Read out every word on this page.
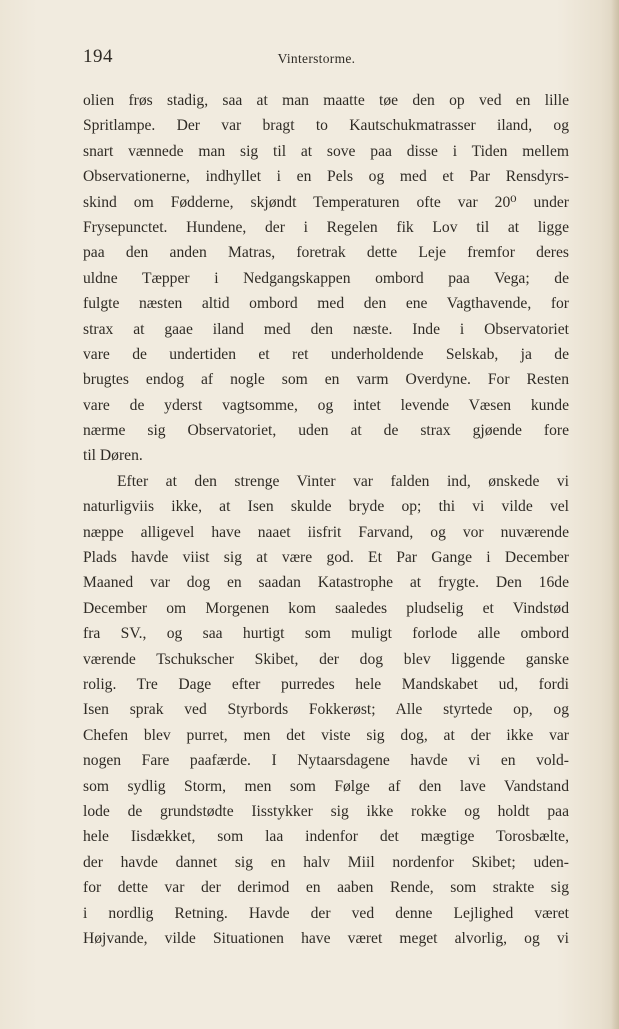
194	Vinterstorme.
olien frøs stadig, saa at man maatte tøe den op ved en lille
Spritlampe. Der var bragt to Kautschukmatrasser iland, og
snart vænnede man sig til at sove paa disse i Tiden mellem
Observationerne, indhyllet i en Pels og med et Par Rensdyrs-
skind om Fødderne, skjøndt Temperaturen ofte var 20⁰ under
Frysepunctet. Hundene, der i Regelen fik Lov til at ligge
paa den anden Matras, foretrak dette Leje fremfor deres
uldne Tæpper i Nedgangskappen ombord paa Vega; de
fulgte næsten altid ombord med den ene Vagthavende, for
strax at gaae iland med den næste. Inde i Observatoriet
vare de undertiden et ret underholdende Selskab, ja de
brugtes endog af nogle som en varm Overdyne. For Resten
vare de yderst vagtsomme, og intet levende Væsen kunde
nærme sig Observatoriet, uden at de strax gjøende fore
til Døren.
Efter at den strenge Vinter var falden ind, ønskede vi
naturligviis ikke, at Isen skulde bryde op; thi vi vilde vel
næppe alligevel have naaet iisfrit Farvand, og vor nuværende
Plads havde viist sig at være god. Et Par Gange i December
Maaned var dog en saadan Katastrophe at frygte. Den 16de
December om Morgenen kom saaledes pludselig et Vindstød
fra SV., og saa hurtigt som muligt forlode alle ombord
værende Tschukscher Skibet, der dog blev liggende ganske
rolig. Tre Dage efter purredes hele Mandskabet ud, fordi
Isen sprak ved Styrbords Fokkerøst; Alle styrtede op, og
Chefen blev purret, men det viste sig dog, at der ikke var
nogen Fare paafærde. I Nytaarsdagene havde vi en vold-
som sydlig Storm, men som Følge af den lave Vandstand
lode de grundstødte Iisstykker sig ikke rokke og holdt paa
hele Iisdækket, som laa indenfor det mægtige Torosbælte,
der havde dannet sig en halv Miil nordenfor Skibet; uden-
for dette var der derimod en aaben Rende, som strakte sig
i nordlig Retning. Havde der ved denne Lejlighed været
Højvande, vilde Situationen have været meget alvorlig, og vi
